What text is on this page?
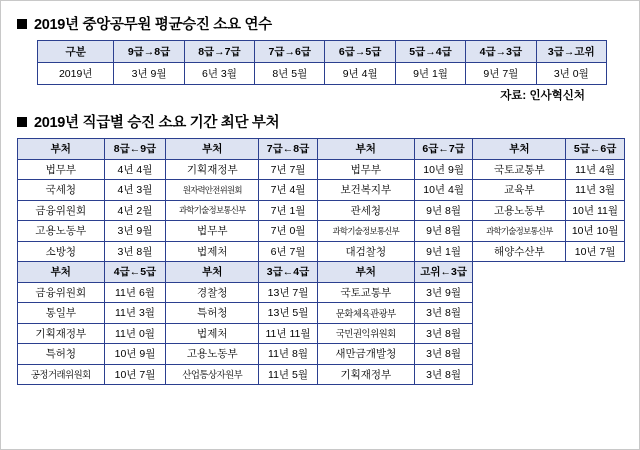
2019년 중앙공무원 평균승진 소요 연수
구분	9급→8급	8급→7급	7급→6급	6급→5급	5급→4급	4급→3급	3급→고위
2019년	3년 9월	6년 3월	8년 5월	9년 4월	9년 1월	9년 7월	3년 0월
자료: 인사혁신처
2019년 직급별 승진 소요 기간 최단 부처
부처	8급←9급	부처	7급←8급	부처	6급←7급	부처	5급←6급
법무부	4년 4월	기획재정부	7년 7월	법무부	10년 9월	국토교통부	11년 4월
국세청	4년 3월	원자력안전위원회	7년 4월	보건복지부	10년 4월	교육부	11년 3월
금융위원회	4년 2월	과학기술정보통신부	7년 1월	관세청	9년 8월	고용노동부	10년 11월
고용노동부	3년 9월	법무부	7년 0월	과학기술정보통신부	9년 8월	과학기술정보통신부	10년 10월
소방청	3년 8월	법제처	6년 7월	대검찰청	9년 1월	해양수산부	10년 7월
부처	4급←5급	부처	3급←4급	부처	고위←3급		
금융위원회	11년 6월	경찰청	13년 7월	국토교통부	3년 9월		
통일부	11년 3월	특허청	13년 5월	문화체육관광부	3년 8월		
기획재정부	11년 0월	법제처	11년 11월	국민권익위원회	3년 8월		
특허청	10년 9월	고용노동부	11년 8월	새만금개발청	3년 8월		
공정거래위원회	10년 7월	산업통상자원부	11년 5월	기획재정부	3년 8월		
